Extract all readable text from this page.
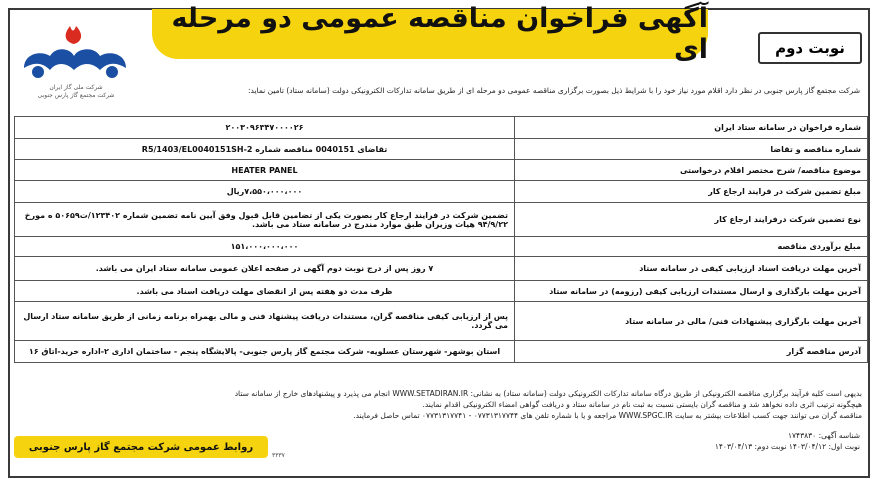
آگهی فراخوان مناقصه عمومی دو مرحله ای	نوبت دوم
شرکت ملی گاز ایران
شرکت مجتمع گاز پارس جنوبی
شرکت مجتمع گاز پارس جنوبی در نظر دارد اقلام مورد نیاز خود را با شرایط ذیل بصورت برگزاری مناقصه عمومی دو مرحله ای از طریق سامانه تدارکات الکترونیکی دولت (سامانه ستاد) تامین نماید:
شماره فراخوان در سامانه ستاد ایران	۲۰۰۳۰۹۶۳۴۷۰۰۰۰۲۶
شماره مناقصه و تقاضا	تقاضای 0040151 مناقصه شماره R5/1403/EL0040151SH-2
موضوع مناقصه/ شرح مختصر اقلام درخواستی	HEATER PANEL
مبلغ تضمین شرکت در فرایند ارجاع کار	۷،۵۵۰،۰۰۰،۰۰۰ریال
نوع تضمین شرکت درفرایند ارجاع کار	تضمین شرکت در فرایند ارجاع کار بصورت یکی از تضامین قابل قبول وفق آیین نامه تضمین شماره ۱۲۳۴۰۲/ت۵۰۶۵۹ ه مورخ ۹۴/۹/۲۲ هیات وزیران طبق موارد مندرج در سامانه ستاد می باشد.
مبلغ برآوردی مناقصه	۱۵۱،۰۰۰،۰۰۰،۰۰۰
آخرین مهلت دریافت اسناد ارزیابی کیفی در سامانه ستاد	۷ روز پس از درج نوبت دوم آگهی در صفحه اعلان عمومی سامانه ستاد ایران می باشد.
آخرین مهلت بارگذاری و ارسال مستندات ارزیابی کیفی (رزومه) در سامانه ستاد	ظرف مدت دو هفته پس از انقضای مهلت دریافت اسناد می باشد.
آخرین مهلت بارگزاری پیشنهادات فنی/ مالی در سامانه ستاد	پس از ارزیابی کیفی مناقصه گران، مستندات دریافت پیشنهاد فنی و مالی بهمراه برنامه زمانی از طریق سامانه ستاد ارسال می گردد.
آدرس مناقصه گزار	استان بوشهر- شهرستان عسلویه- شرکت مجتمع گاز پارس جنوبی- پالایشگاه پنجم - ساختمان اداری ۲-اداره خرید-اتاق ۱۶
بدیهی است کلیه فرآیند برگزاری مناقصه الکترونیکی از طریق درگاه سامانه تدارکات الکترونیکی دولت (سامانه ستاد) به نشانی: WWW.SETADIRAN.IR انجام می پذیرد و پیشنهادهای خارج از سامانه ستاد
هیچگونه ترتیب اثری داده نخواهد شد و مناقصه گران بایستی نسبت به ثبت نام در سامانه ستاد و دریافت گواهی امضاء الکترونیکی اقدام نمایند.
مناقصه گران می توانند جهت کسب اطلاعات بیشتر به سایت WWW.SPGC.IR مراجعه و یا با شماره تلفن های ۰۷۷۳۱۳۱۷۷۴۴ - ۰۷۷۳۱۳۱۷۷۴۱ تماس حاصل فرمایند.
شناسه آگهی: ۱۷۴۳۸۳۰
نوبت اول: ۱۴۰۳/۰۴/۱۲ نوبت دوم: ۱۴۰۳/۰۴/۱۳
روابط عمومی شرکت مجتمع گاز پارس جنوبی
۳۳۳۷
